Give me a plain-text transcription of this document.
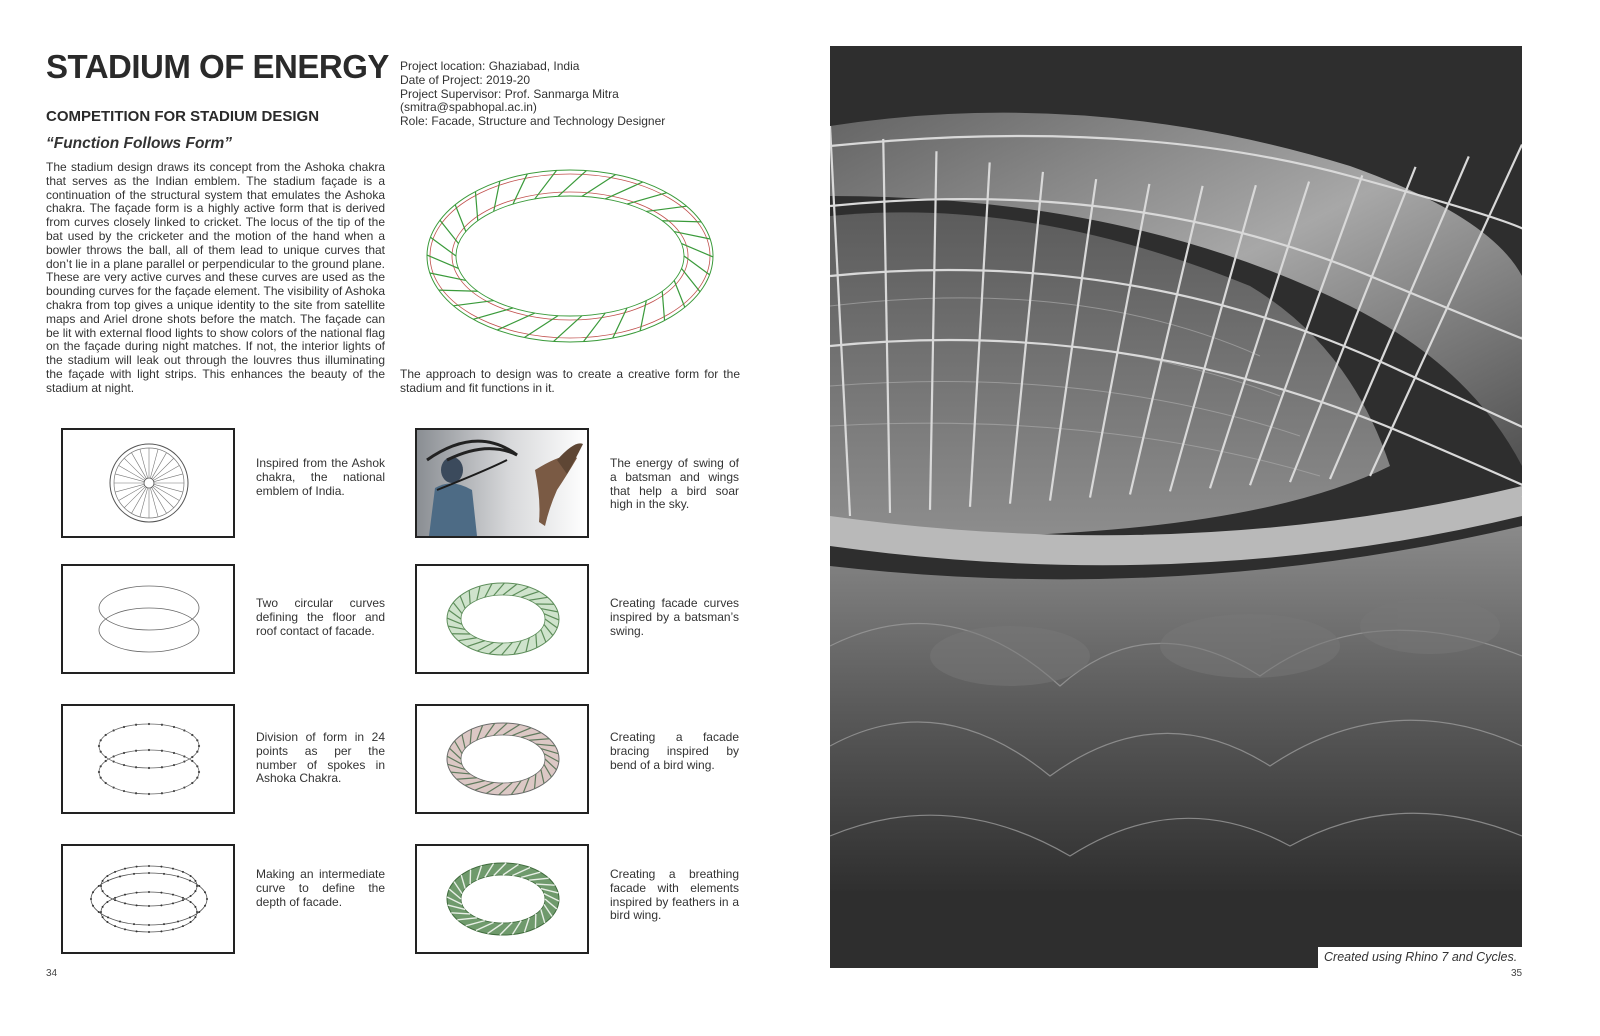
STADIUM OF ENERGY
COMPETITION FOR STADIUM DESIGN
“Function Follows Form”
The stadium design draws its concept from the Ashoka chakra that serves as the Indian emblem. The stadium façade is a continuation of the structural system that emulates the Ashoka chakra. The façade form is a highly active form that is derived from curves closely linked to cricket. The locus of the tip of the bat used by the cricketer and the motion of the hand when a bowler throws the ball, all of them lead to unique curves that don’t lie in a plane parallel or perpendicular to the ground plane. These are very active curves and these curves are used as the bounding curves for the façade element. The visibility of Ashoka chakra from top gives a unique identity to the site from satellite maps and Ariel drone shots before the match. The façade can be lit with external flood lights to show colors of the national flag on the façade during night matches. If not, the interior lights of the stadium will leak out through the louvres thus illuminating the façade with light strips. This enhances the beauty of the stadium at night.
Project location: Ghaziabad, India
Date of Project: 2019-20
Project Supervisor: Prof. Sanmarga Mitra
(smitra@spabhopal.ac.in)
Role: Facade, Structure and Technology Designer
The approach to design was to create a creative form for the stadium and fit functions in it.
Inspired from the Ashok chakra, the national emblem of India.
Two circular curves defining the floor and roof contact of facade.
Division of form in 24 points as per the number of spokes in Ashoka Chakra.
Making an intermediate curve to define the depth of facade.
The energy of swing of a batsman and wings that help a bird soar high in the sky.
Creating facade curves inspired by a batsman’s swing.
Creating a facade bracing inspired by bend of a bird wing.
Creating a breathing facade with elements inspired by feathers in a bird wing.
34
Created using Rhino 7 and Cycles.
35
